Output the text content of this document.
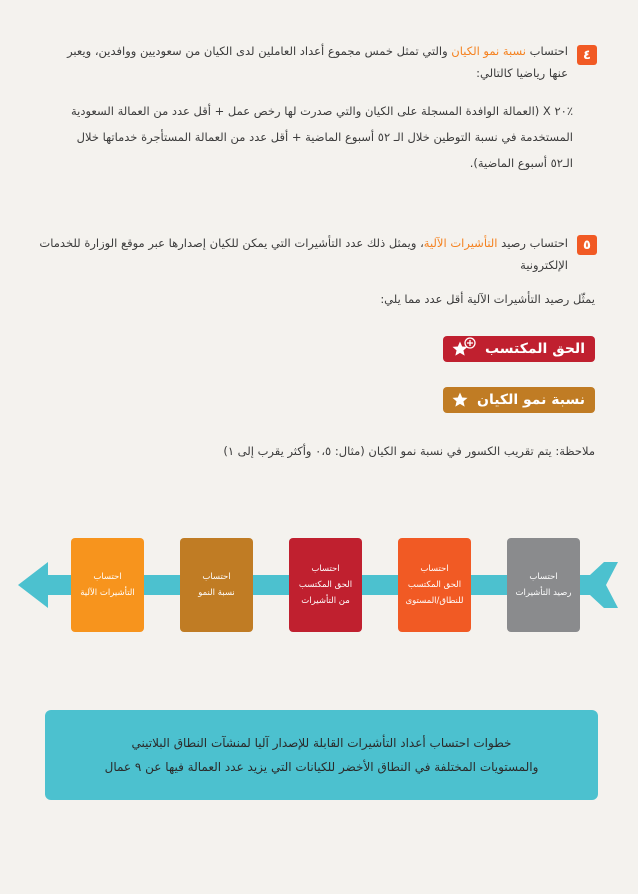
٤
احتساب نسبة نمو الكيان والتي تمثل خمس مجموع أعداد العاملين لدى الكيان من سعوديين ووافدين، ويعبر
عنها رياضيا كالتالي:
٪٢٠ X (العمالة الوافدة المسجلة على الكيان والتي صدرت لها رخص عمل + أقل عدد من العمالة السعودية
المستخدمة في نسبة التوطين خلال الـ ٥٢ أسبوع الماضية + أقل عدد من العمالة المستأجرة خدماتها خلال
الـ٥٢ أسبوع الماضية).
٥
احتساب رصيد التأشيرات الآلية، ويمثل ذلك عدد التأشيرات التي يمكن للكيان إصدارها عبر موقع الوزارة للخدمات
الإلكترونية
يمثّل رصيد التأشيرات الآلية أقل عدد مما يلي:
الحق المكتسب
نسبة نمو الكيان
ملاحظة: يتم تقريب الكسور في نسبة نمو الكيان (مثال: ٠،٥ وأكثر يقرب إلى ١)
احتساب
رصيد التأشيرات
احتساب
الحق المكتسب
للنطاق/المستوى
احتساب
الحق المكتسب
من التأشيرات
احتساب
نسبة النمو
احتساب
التأشيرات الآلية
خطوات احتساب أعداد التأشيرات القابلة للإصدار آليا لمنشآت النطاق البلاتيني
والمستويات المختلفة في النطاق الأخضر للكيانات التي يزيد عدد العمالة فيها عن ٩ عمال
